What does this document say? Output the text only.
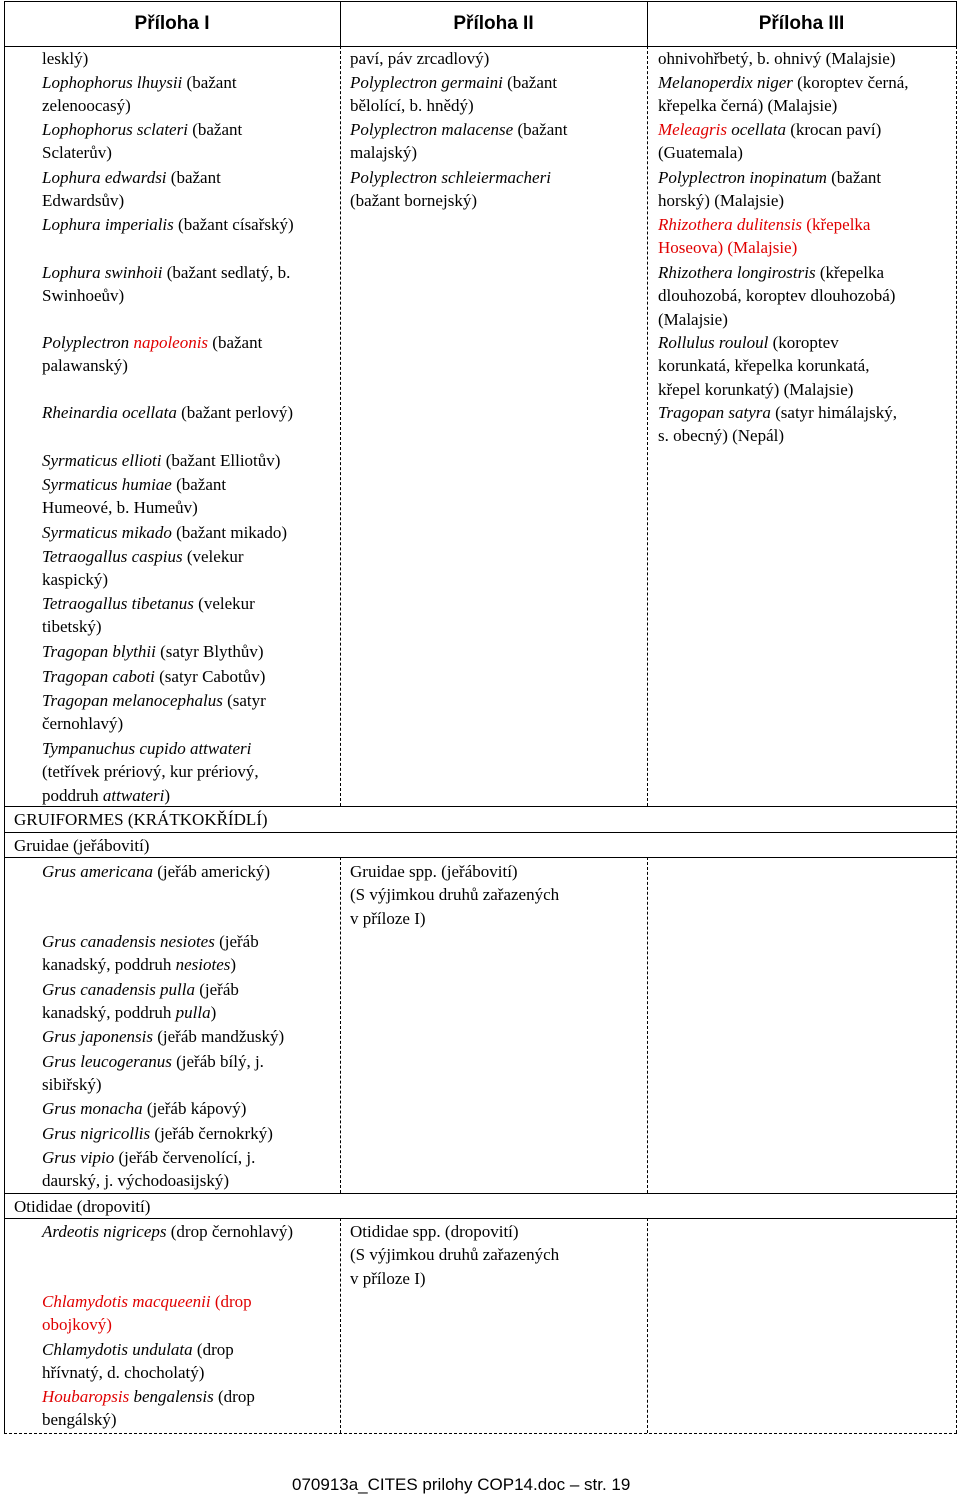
Příloha I	Příloha II	Příloha III
GRUIFORMES (KRÁTKOKŘÍDLÍ)
Gruidae (jeřábovití)
Otididae (dropovití)
lesklý)
Lophophorus lhuysii (bažant
zelenoocasý)
Lophophorus sclateri (bažant
Sclaterův)
Lophura edwardsi (bažant
Edwardsův)
Lophura imperialis (bažant císařský)
Lophura swinhoii (bažant sedlatý, b.
Swinhoeův)
Polyplectron napoleonis (bažant
palawanský)
Rheinardia ocellata (bažant perlový)
Syrmaticus ellioti (bažant Elliotův)
Syrmaticus humiae (bažant
Humeové, b. Humeův)
Syrmaticus mikado (bažant mikado)
Tetraogallus caspius (velekur
kaspický)
Tetraogallus tibetanus (velekur
tibetský)
Tragopan blythii (satyr Blythův)
Tragopan caboti (satyr Cabotův)
Tragopan melanocephalus (satyr
černohlavý)
Tympanuchus cupido attwateri
(tetřívek prériový, kur prériový,
poddruh attwateri)
Grus americana (jeřáb americký)
Grus canadensis nesiotes (jeřáb
kanadský, poddruh nesiotes)
Grus canadensis pulla (jeřáb
kanadský, poddruh pulla)
Grus japonensis (jeřáb mandžuský)
Grus leucogeranus (jeřáb bílý, j.
sibiřský)
Grus monacha (jeřáb kápový)
Grus nigricollis (jeřáb černokrký)
Grus vipio (jeřáb červenolící, j.
daurský, j. východoasijský)
Ardeotis nigriceps (drop černohlavý)
Chlamydotis macqueenii (drop
obojkový)
Chlamydotis undulata (drop
hřívnatý, d. chocholatý)
Houbaropsis bengalensis (drop
bengálský)
paví, páv zrcadlový)
Polyplectron germaini (bažant
bělolící, b. hnědý)
Polyplectron malacense (bažant
malajský)
Polyplectron schleiermacheri
(bažant bornejský)
Gruidae spp. (jeřábovití)
(S výjimkou druhů zařazených
v příloze I)
Otididae spp. (dropovití)
(S výjimkou druhů zařazených
v příloze I)
ohnivohřbetý, b. ohnivý (Malajsie)
Melanoperdix niger (koroptev černá,
křepelka černá) (Malajsie)
Meleagris ocellata (krocan paví)
(Guatemala)
Polyplectron inopinatum (bažant
horský) (Malajsie)
Rhizothera dulitensis (křepelka
Hoseova) (Malajsie)
Rhizothera longirostris (křepelka
dlouhozobá, koroptev dlouhozobá)
(Malajsie)
Rollulus rouloul (koroptev
korunkatá, křepelka korunkatá,
křepel korunkatý) (Malajsie)
Tragopan satyra (satyr himálajský,
s. obecný) (Nepál)
070913a_CITES prilohy COP14.doc – str. 19
